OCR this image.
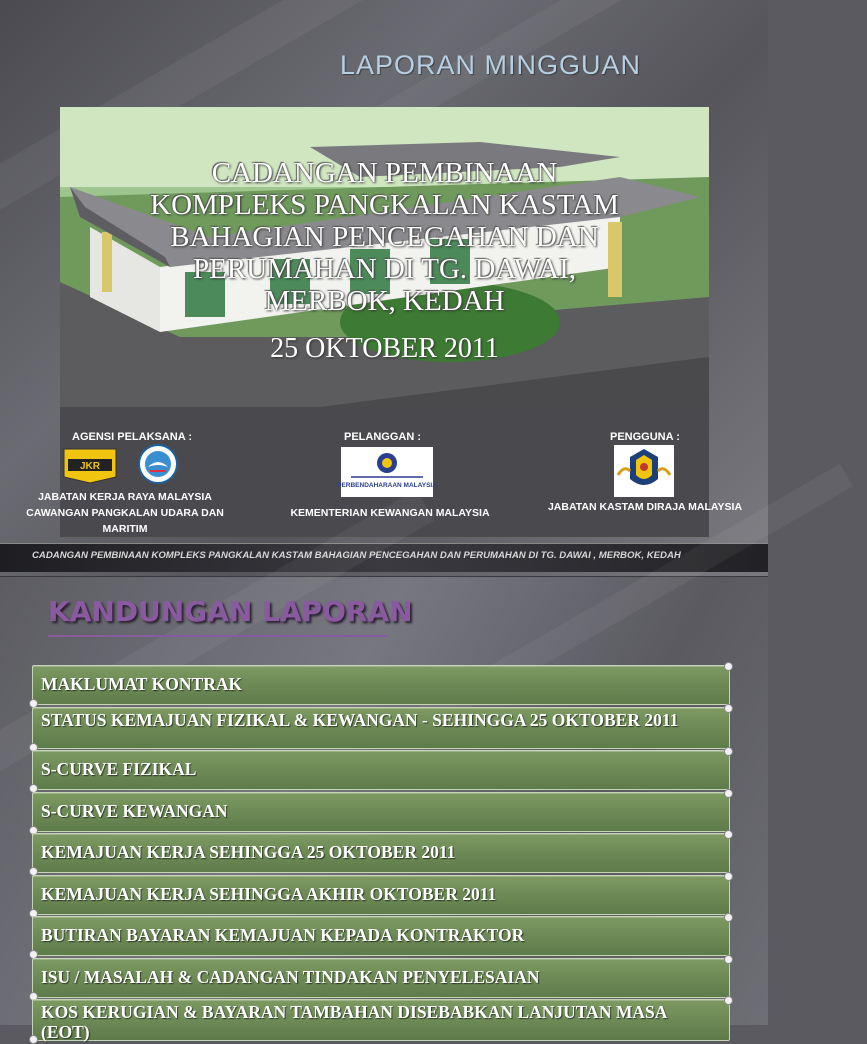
LAPORAN MINGGUAN
CADANGAN PEMBINAAN
KOMPLEKS PANGKALAN KASTAM
BAHAGIAN PENCEGAHAN DAN
PERUMAHAN DI TG. DAWAI,
MERBOK, KEDAH
25 OKTOBER 2011
AGENSI PELAKSANA :
JKR
JABATAN KERJA RAYA MALAYSIA CAWANGAN PANGKALAN UDARA DAN MARITIM
PELANGGAN :
PERBENDAHARAAN MALAYSIA
KEMENTERIAN KEWANGAN MALAYSIA
PENGGUNA :
JABATAN KASTAM DIRAJA MALAYSIA
CADANGAN PEMBINAAN KOMPLEKS PANGKALAN KASTAM BAHAGIAN PENCEGAHAN DAN PERUMAHAN DI TG. DAWAI , MERBOK, KEDAH
KANDUNGAN LAPORAN
MAKLUMAT KONTRAK
STATUS KEMAJUAN FIZIKAL & KEWANGAN - SEHINGGA 25 OKTOBER 2011
S-CURVE FIZIKAL
S-CURVE KEWANGAN
KEMAJUAN KERJA SEHINGGA 25 OKTOBER 2011
KEMAJUAN KERJA SEHINGGA AKHIR OKTOBER 2011
BUTIRAN BAYARAN KEMAJUAN KEPADA KONTRAKTOR
ISU / MASALAH & CADANGAN TINDAKAN PENYELESAIAN
KOS KERUGIAN & BAYARAN TAMBAHAN DISEBABKAN LANJUTAN MASA (EOT)
